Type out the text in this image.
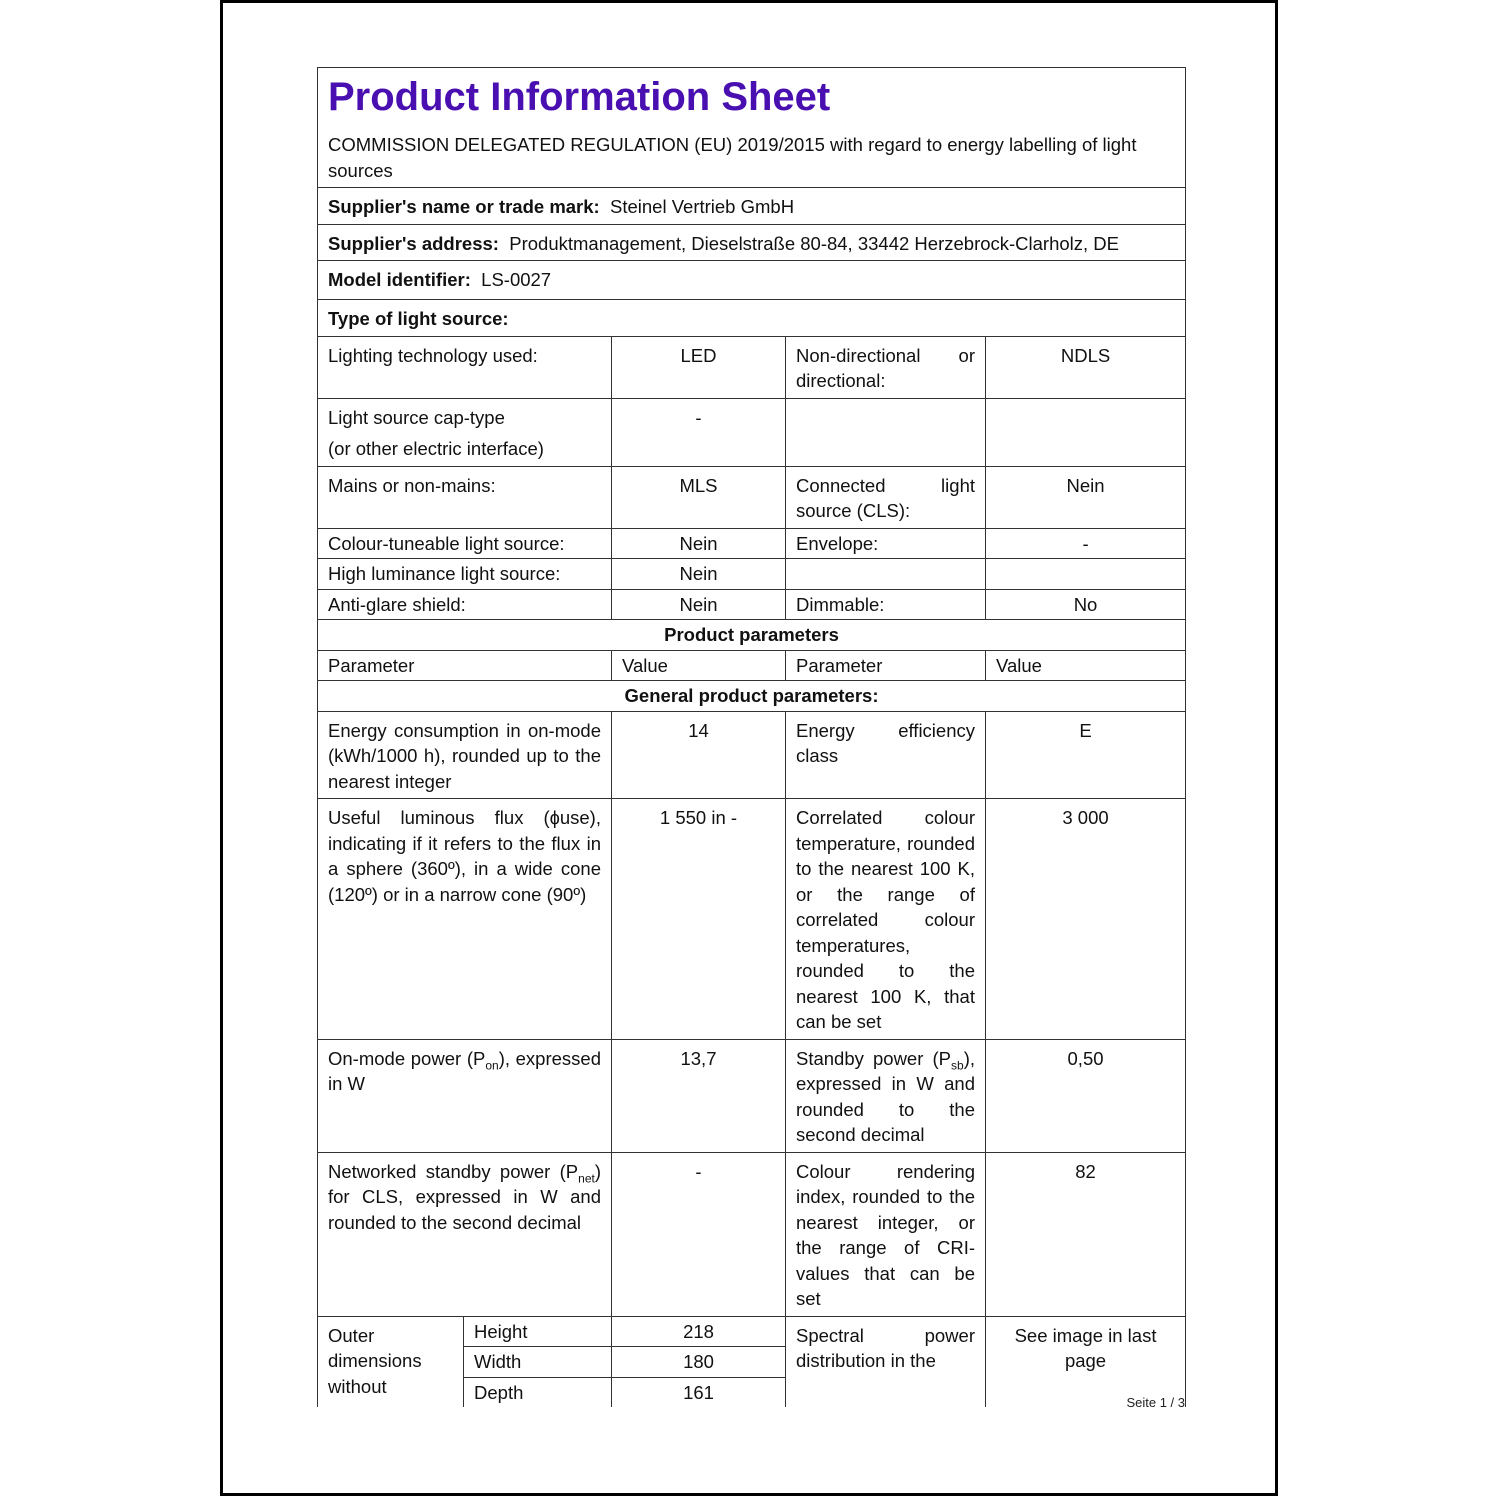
Product Information Sheet
COMMISSION DELEGATED REGULATION (EU) 2019/2015 with regard to energy labelling of light sources				

Supplier's name or trade mark: Steinel Vertrieb GmbH				
Supplier's address: Produktmanagement, Dieselstraße 80-84, 33442 Herzebrock-Clarholz, DE				
Model identifier: LS-0027				
Type of light source:				
Lighting technology used:		LED	Non-directional or directional:	NDLS

Light source cap-type
(or other electric interface)		-		
Mains or non-mains:		MLS	Connected light source (CLS):	Nein
Colour-tuneable light source:		Nein	Envelope:	-
High luminance light source:		Nein		
Anti-glare shield:		Nein	Dimmable:	No
Product parameters				
Parameter		Value	Parameter	Value
General product parameters:				
Energy consumption in on-mode (kWh/1000 h), rounded up to the nearest integer		14	Energy efficiency class	E
Useful luminous flux (ɸuse), indicating if it refers to the flux in a sphere (360º), in a wide cone (120º) or in a narrow cone (90º)		1 550 in -	Correlated colour temperature, rounded to the nearest 100 K, or the range of correlated colour temperatures, rounded to the nearest 100 K, that can be set	3 000
On-mode power $(P_{on})$, expressed in W		13,7	Standby power $(P_{sb})$, expressed in W and rounded to the second decimal	0,50
Networked standby power $(P_{net})$ for CLS, expressed in W and rounded to the second decimal		-	Colour rendering index, rounded to the nearest integer, or the range of CRI-values that can be set	82
Outer dimensions without	Height	218	Spectral power distribution in the	See image in last page
	Width	180		
	Depth	161			Seite 1 / 3
